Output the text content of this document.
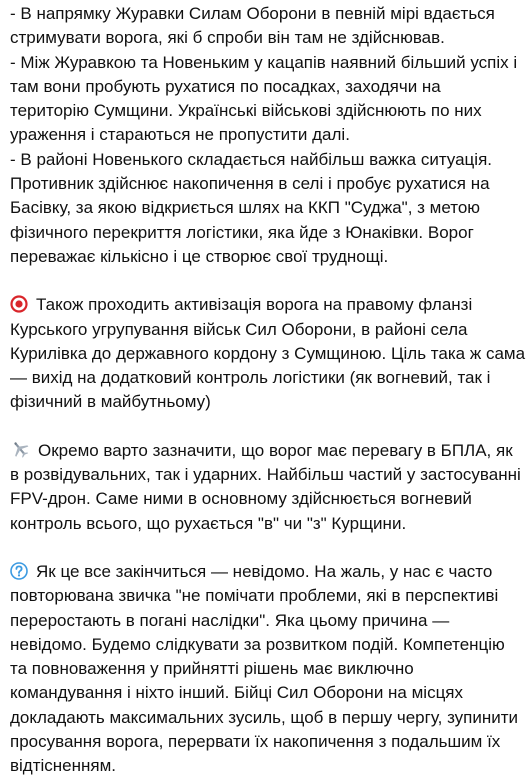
- В напрямку Журавки Силам Оборони в певній мірі вдається
стримувати ворога, які б спроби він там не здійснював.
- Між Журавкою та Новеньким у кацапів наявний більший успіх і
там вони пробують рухатися по посадках, заходячи на
територію Сумщини. Українські військові здійснюють по них
ураження і стараються не пропустити далі.
- В районі Новенького складається найбільш важка ситуація.
Противник здійснює накопичення в селі і пробує рухатися на
Басівку, за якою відкриється шлях на ККП "Суджа", з метою
фізичного перекриття логістики, яка йде з Юнаківки. Ворог
переважає кількісно і це створює свої труднощі.
Також проходить активізація ворога на правому фланзі
Курського угрупування військ Сил Оборони, в районі села
Курилівка до державного кордону з Сумщиною. Ціль така ж сама
— вихід на додатковий контроль логістики (як вогневий, так і
фізичний в майбутньому)
Окремо варто зазначити, що ворог має перевагу в БПЛА, як
в розвідувальних, так і ударних. Найбільш частий у застосуванні
FPV-дрон. Саме ними в основному здійснюється вогневий
контроль всього, що рухається "в" чи "з" Курщини.
Як це все закінчиться — невідомо. На жаль, у нас є часто
повторювана звичка "не помічати проблеми, які в перспективі
переростають в погані наслідки". Яка цьому причина —
невідомо. Будемо слідкувати за розвитком подій. Компетенцію
та повноваження у прийнятті рішень має виключно
командування і ніхто інший. Бійці Сил Оборони на місцях
докладають максимальних зусиль, щоб в першу чергу, зупинити
просування ворога, перервати їх накопичення з подальшим їх
відтісненням.
